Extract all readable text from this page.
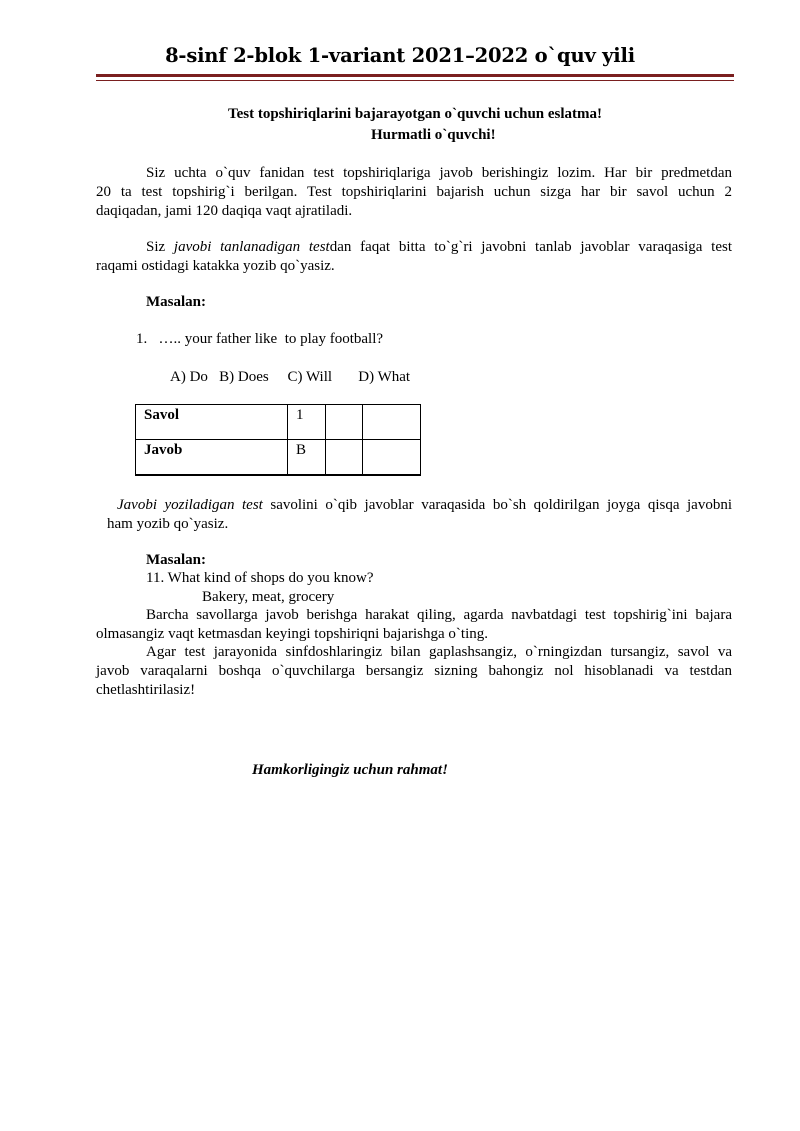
8-sinf 2-blok 1-variant 2021–2022 o`quv yili
Test topshiriqlarini bajarayotgan o`quvchi uchun eslatma!
Hurmatli o`quvchi!
Siz uchta o`quv fanidan test topshiriqlariga javob berishingiz lozim. Har bir predmetdan
20 ta test topshirig`i berilgan. Test topshiriqlarini bajarish uchun sizga har bir savol uchun 2
daqiqadan, jami 120 daqiqa vaqt ajratiladi.
Siz javobi tanlanadigan testdan faqat bitta to`g`ri javobni tanlab javoblar varaqasiga test
raqami ostidagi katakka yozib qo`yasiz.
Masalan:
1.   ….. your father like  to play football?
A) Do   B) Does     C) Will       D) What
Savol	1		
Javob	B		
Javobi yoziladigan test savolini o`qib javoblar varaqasida bo`sh qoldirilgan joyga qisqa javobni
ham yozib qo`yasiz.
Masalan:
11. What kind of shops do you know?
Bakery, meat, grocery
Barcha savollarga javob berishga harakat qiling, agarda navbatdagi test topshirig`ini bajara
olmasangiz vaqt ketmasdan keyingi topshiriqni bajarishga o`ting.
Agar test jarayonida sinfdoshlaringiz bilan gaplashsangiz, o`rningizdan tursangiz, savol va
javob varaqalarni boshqa o`quvchilarga bersangiz sizning bahongiz nol hisoblanadi va testdan
chetlashtirilasiz!
Hamkorligingiz uchun rahmat!
